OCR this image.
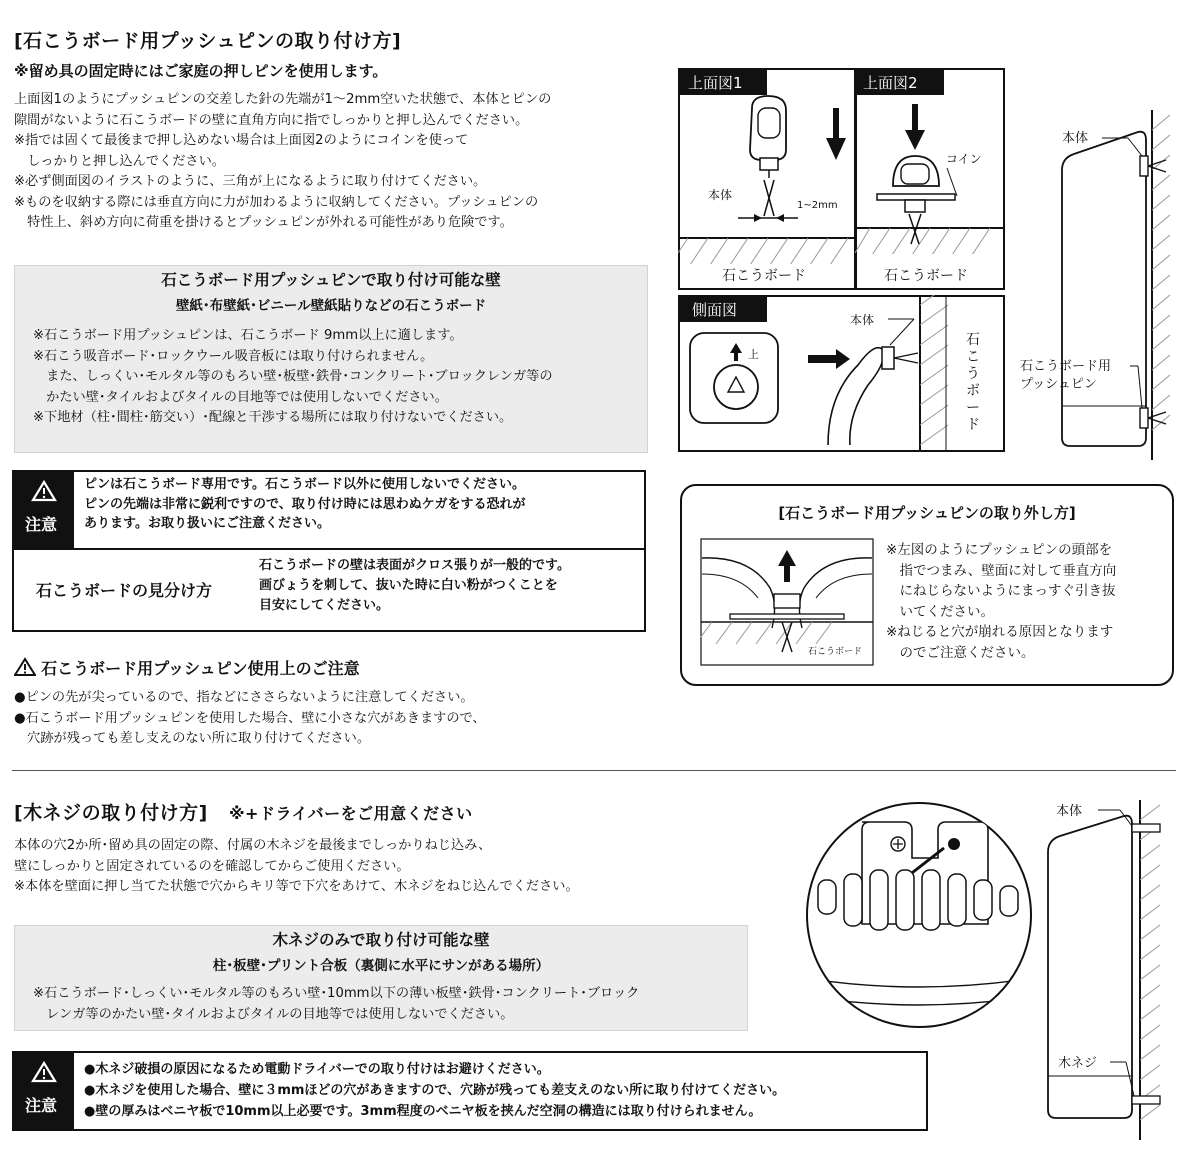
[石こうボード用プッシュピンの取り付け方]
※留め具の固定時にはご家庭の押しピンを使用します。
上面図1のようにプッシュピンの交差した針の先端が1～2mm空いた状態で、本体とピンの
隙間がないように石こうボードの壁に直角方向に指でしっかりと押し込んでください。
※指では固くて最後まで押し込めない場合は上面図2のようにコインを使って
　しっかりと押し込んでください。
※必ず側面図のイラストのように、三角が上になるように取り付けてください。
※ものを収納する際には垂直方向に力が加わるように収納してください。プッシュピンの
　特性上、斜め方向に荷重を掛けるとプッシュピンが外れる可能性があり危険です。
石こうボード用プッシュピンで取り付け可能な壁
壁紙･布壁紙･ビニール壁紙貼りなどの石こうボード
※石こうボード用プッシュピンは、石こうボード 9mm以上に適します。
※石こう吸音ボード･ロックウール吸音板には取り付けられません。
　また、しっくい･モルタル等のもろい壁･板壁･鉄骨･コンクリート･ブロックレンガ等の
　かたい壁･タイルおよびタイルの目地等では使用しないでください。
※下地材（柱･間柱･筋交い）･配線と干渉する場所には取り付けないでください。
注意
ピンは石こうボード専用です。石こうボード以外に使用しないでください。
ピンの先端は非常に鋭利ですので、取り付け時には思わぬケガをする恐れが
あります。お取り扱いにご注意ください。
石こうボードの見分け方
石こうボードの壁は表面がクロス張りが一般的です。
画びょうを刺して、抜いた時に白い粉がつくことを
目安にしてください。
石こうボード用プッシュピン使用上のご注意
●ピンの先が尖っているので、指などにささらないように注意してください。
●石こうボード用プッシュピンを使用した場合、壁に小さな穴があきますので、
　穴跡が残っても差し支えのない所に取り付けてください。
上面図1
本体
1~2mm
石こうボード
上面図2
コイン
石こうボード
側面図
上
本体
石こうボード
本体
石こうボード用
プッシュピン
[石こうボード用プッシュピンの取り外し方]
石こうボード
※左図のようにプッシュピンの頭部を
　指でつまみ、壁面に対して垂直方向
　にねじらないようにまっすぐ引き抜
　いてください。
※ねじると穴が崩れる原因となります
　のでご注意ください。
[木ネジの取り付け方] ※+ドライバーをご用意ください
本体の穴2か所･留め具の固定の際、付属の木ネジを最後までしっかりねじ込み、
壁にしっかりと固定されているのを確認してからご使用ください。
※本体を壁面に押し当てた状態で穴からキリ等で下穴をあけて、木ネジをねじ込んでください。
木ネジのみで取り付け可能な壁
柱･板壁･プリント合板（裏側に水平にサンがある場所）
※石こうボード･しっくい･モルタル等のもろい壁･10mm以下の薄い板壁･鉄骨･コンクリート･ブロック
　レンガ等のかたい壁･タイルおよびタイルの目地等では使用しないでください。
注意
●木ネジ破損の原因になるため電動ドライバーでの取り付けはお避けください。
●木ネジを使用した場合、壁に３mmほどの穴があきますので、穴跡が残っても差支えのない所に取り付けてください。
●壁の厚みはベニヤ板で10mm以上必要です。3mm程度のベニヤ板を挟んだ空洞の構造には取り付けられません。
本体
木ネジ
